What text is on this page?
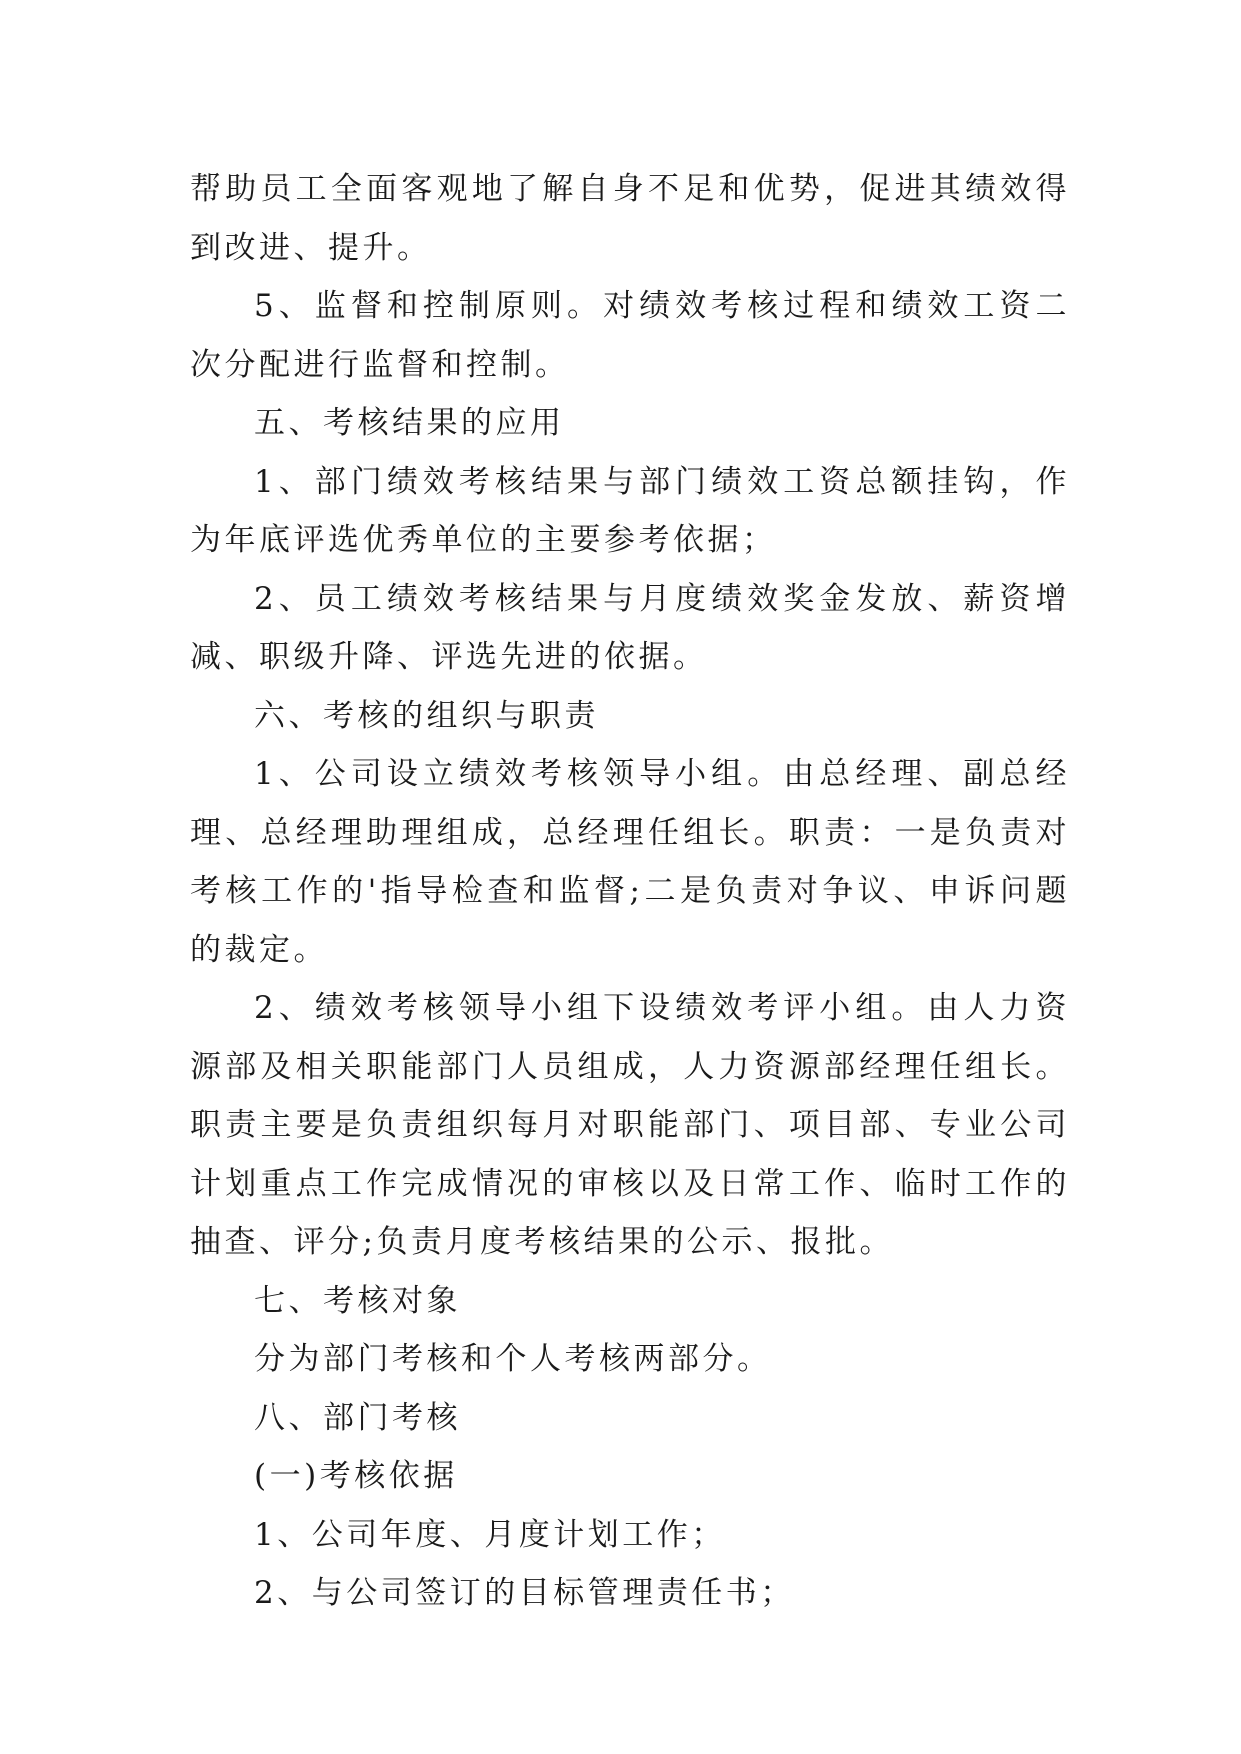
帮助员工全面客观地了解自身不足和优势，促进其绩效得到改进、提升。

5、监督和控制原则。对绩效考核过程和绩效工资二次分配进行监督和控制。

五、考核结果的应用

1、部门绩效考核结果与部门绩效工资总额挂钩，作为年底评选优秀单位的主要参考依据；

2、员工绩效考核结果与月度绩效奖金发放、薪资增减、职级升降、评选先进的依据。

六、考核的组织与职责

1、公司设立绩效考核领导小组。由总经理、副总经理、总经理助理组成，总经理任组长。职责：一是负责对考核工作的'指导检查和监督;二是负责对争议、申诉问题的裁定。

2、绩效考核领导小组下设绩效考评小组。由人力资源部及相关职能部门人员组成，人力资源部经理任组长。职责主要是负责组织每月对职能部门、项目部、专业公司计划重点工作完成情况的审核以及日常工作、临时工作的抽查、评分;负责月度考核结果的公示、报批。

七、考核对象

分为部门考核和个人考核两部分。

八、部门考核

(一)考核依据

1、公司年度、月度计划工作；

2、与公司签订的目标管理责任书；
